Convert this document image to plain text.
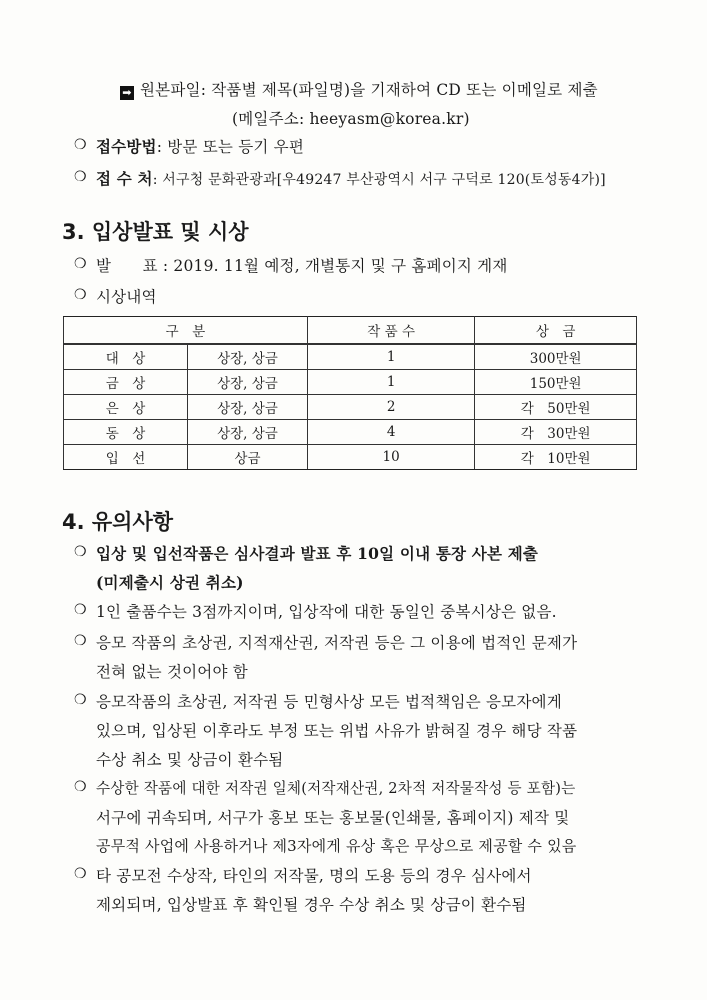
➡ 원본파일: 작품별 제목(파일명)을 기재하여 CD 또는 이메일로 제출
(메일주소: heeyasm@korea.kr)
❍ 접수방법: 방문 또는 등기 우편
❍ 접 수 처: 서구청 문화관광과[우49247 부산광역시 서구 구덕로 120(토성동4가)]
3. 입상발표 및 시상
❍ 발　　표 : 2019. 11월 예정, 개별통지 및 구 홈페이지 게재
❍ 시상내역
구　분		작 품 수	상　금
대　상	상장, 상금	1	300만원
금　상	상장, 상금	1	150만원
은　상	상장, 상금	2	각　50만원
동　상	상장, 상금	4	각　30만원
입　선	상금	10	각　10만원
4. 유의사항
❍ 입상 및 입선작품은 심사결과 발표 후 10일 이내 통장 사본 제출
(미제출시 상권 취소)
❍ 1인 출품수는 3점까지이며, 입상작에 대한 동일인 중복시상은 없음.
❍ 응모 작품의 초상권, 지적재산권, 저작권 등은 그 이용에 법적인 문제가
전혀 없는 것이어야 함
❍ 응모작품의 초상권, 저작권 등 민형사상 모든 법적책임은 응모자에게
있으며, 입상된 이후라도 부정 또는 위법 사유가 밝혀질 경우 해당 작품
수상 취소 및 상금이 환수됨
❍ 수상한 작품에 대한 저작권 일체(저작재산권, 2차적 저작물작성 등 포함)는
서구에 귀속되며, 서구가 홍보 또는 홍보물(인쇄물, 홈페이지) 제작 및
공무적 사업에 사용하거나 제3자에게 유상 혹은 무상으로 제공할 수 있음
❍ 타 공모전 수상작, 타인의 저작물, 명의 도용 등의 경우 심사에서
제외되며, 입상발표 후 확인될 경우 수상 취소 및 상금이 환수됨
